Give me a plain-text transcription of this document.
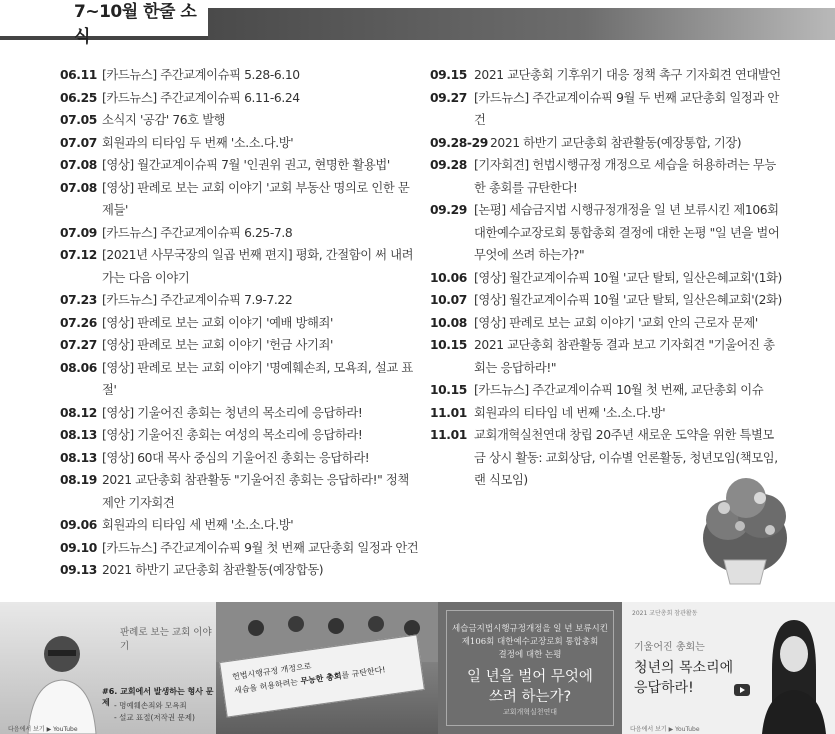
7~10월 한줄 소식
06.11 [카드뉴스] 주간교계이슈픽 5.28-6.10
06.25 [카드뉴스] 주간교계이슈픽 6.11-6.24
07.05 소식지 '공감' 76호 발행
07.07 회원과의 티타임 두 번째 '소.소.다.방'
07.08 [영상] 월간교계이슈픽 7월 '인권위 권고, 현명한 활용법'
07.08 [영상] 판례로 보는 교회 이야기 '교회 부동산 명의로 인한 문제들'
07.09 [카드뉴스] 주간교계이슈픽 6.25-7.8
07.12 [2021년 사무국장의 일곱 번째 편지] 평화, 간절함이 써 내려가는 다음 이야기
07.23 [카드뉴스] 주간교계이슈픽 7.9-7.22
07.26 [영상] 판례로 보는 교회 이야기 '예배 방해죄'
07.27 [영상] 판례로 보는 교회 이야기 '헌금 사기죄'
08.06 [영상] 판례로 보는 교회 이야기 '명예훼손죄, 모욕죄, 설교 표절'
08.12 [영상] 기울어진 총회는 청년의 목소리에 응답하라!
08.13 [영상] 기울어진 총회는 여성의 목소리에 응답하라!
08.13 [영상] 60대 목사 중심의 기울어진 총회는 응답하라!
08.19 2021 교단총회 참관활동 "기울어진 총회는 응답하라!" 정책 제안 기자회견
09.06 회원과의 티타임 세 번째 '소.소.다.방'
09.10 [카드뉴스] 주간교계이슈픽 9월 첫 번째 교단총회 일정과 안건
09.13 2021 하반기 교단총회 참관활동(예장합동)
09.15 2021 교단총회 기후위기 대응 정책 촉구 기자회견 연대발언
09.27 [카드뉴스] 주간교계이슈픽 9월 두 번째 교단총회 일정과 안건
09.28-29 2021 하반기 교단총회 참관활동(예장통합, 기장)
09.28 [기자회견] 헌법시행규정 개정으로 세습을 허용하려는 무능한 총회를 규탄한다!
09.29 [논평] 세습금지법 시행규정개정을 일 년 보류시킨 제106회 대한예수교장로회 통합총회 결정에 대한 논평 "일 년을 벌어 무엇에 쓰려 하는가?"
10.06 [영상] 월간교계이슈픽 10월 '교단 탈퇴, 일산은혜교회'(1화)
10.07 [영상] 월간교계이슈픽 10월 '교단 탈퇴, 일산은혜교회'(2화)
10.08 [영상] 판례로 보는 교회 이야기 '교회 안의 근로자 문제'
10.15 2021 교단총회 참관활동 결과 보고 기자회견 "기울어진 총회는 응답하라!"
10.15 [카드뉴스] 주간교계이슈픽 10월 첫 번째, 교단총회 이슈
11.01 회원과의 티타임 네 번째 '소.소.다.방'
11.01 교회개혁실천연대 창립 20주년 새로운 도약을 위한 특별모금 상시 활동: 교회상담, 이슈별 언론활동, 청년모임(책모임, 랜 식모임)
판례로 보는 교회 이야기
#6. 교회에서 발생하는 형사 문제 - 명예훼손죄와 모욕죄
- 설교 표절(저작권 문제)
다음에서 보기 ▶ YouTube
헌법시행규정 개정으로
세습을 허용하려는 무능한 총회를 규탄한다!
세습금지법시행규정개정을 일 년 보류시킨
제106회 대한예수교장로회 통합총회
결정에 대한 논평
일 년을 벌어 무엇에
쓰려 하는가?
교회개혁실천연대
2021 교단총회 참관활동
기울어진 총회는
청년의 목소리에
응답하라!
다음에서 보기 ▶ YouTube
